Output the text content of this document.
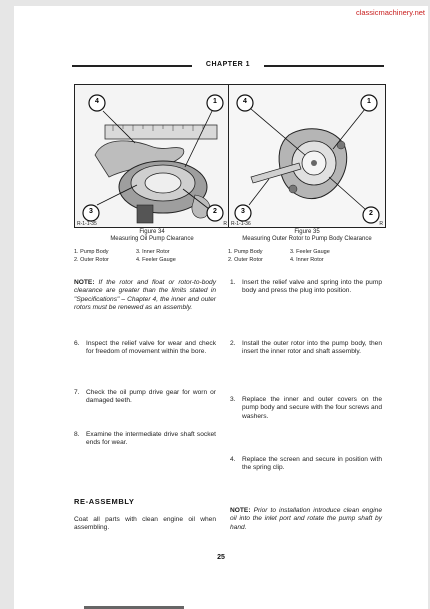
classicmachinery.net
CHAPTER 1
4	1
3	2
R-1-1-35	R
Figure 34
Measuring Oil Pump Clearance
1. Pump Body	3. Inner Rotor
2. Outer Rotor	4. Feeler Gauge
4	1
3	2
R-1-1-36	R
Figure 35
Measuring Outer Rotor to Pump Body Clearance
1. Pump Body	3. Feeler Gauge
2. Outer Rotor	4. Inner Rotor
NOTE: If the rotor and float or rotor-to-body clearance are greater than the limits stated in "Specifications" – Chapter 4, the inner and outer rotors must be renewed as an assembly.
6. Inspect the relief valve for wear and check for freedom of movement within the bore.
7. Check the oil pump drive gear for worn or damaged teeth.
8. Examine the intermediate drive shaft socket ends for wear.
RE-ASSEMBLY
Coat all parts with clean engine oil when assembling.
1. Insert the relief valve and spring into the pump body and press the plug into position.
2. Install the outer rotor into the pump body, then insert the inner rotor and shaft assembly.
3. Replace the inner and outer covers on the pump body and secure with the four screws and washers.
4. Replace the screen and secure in position with the spring clip.
NOTE: Prior to installation introduce clean engine oil into the inlet port and rotate the pump shaft by hand.
25
